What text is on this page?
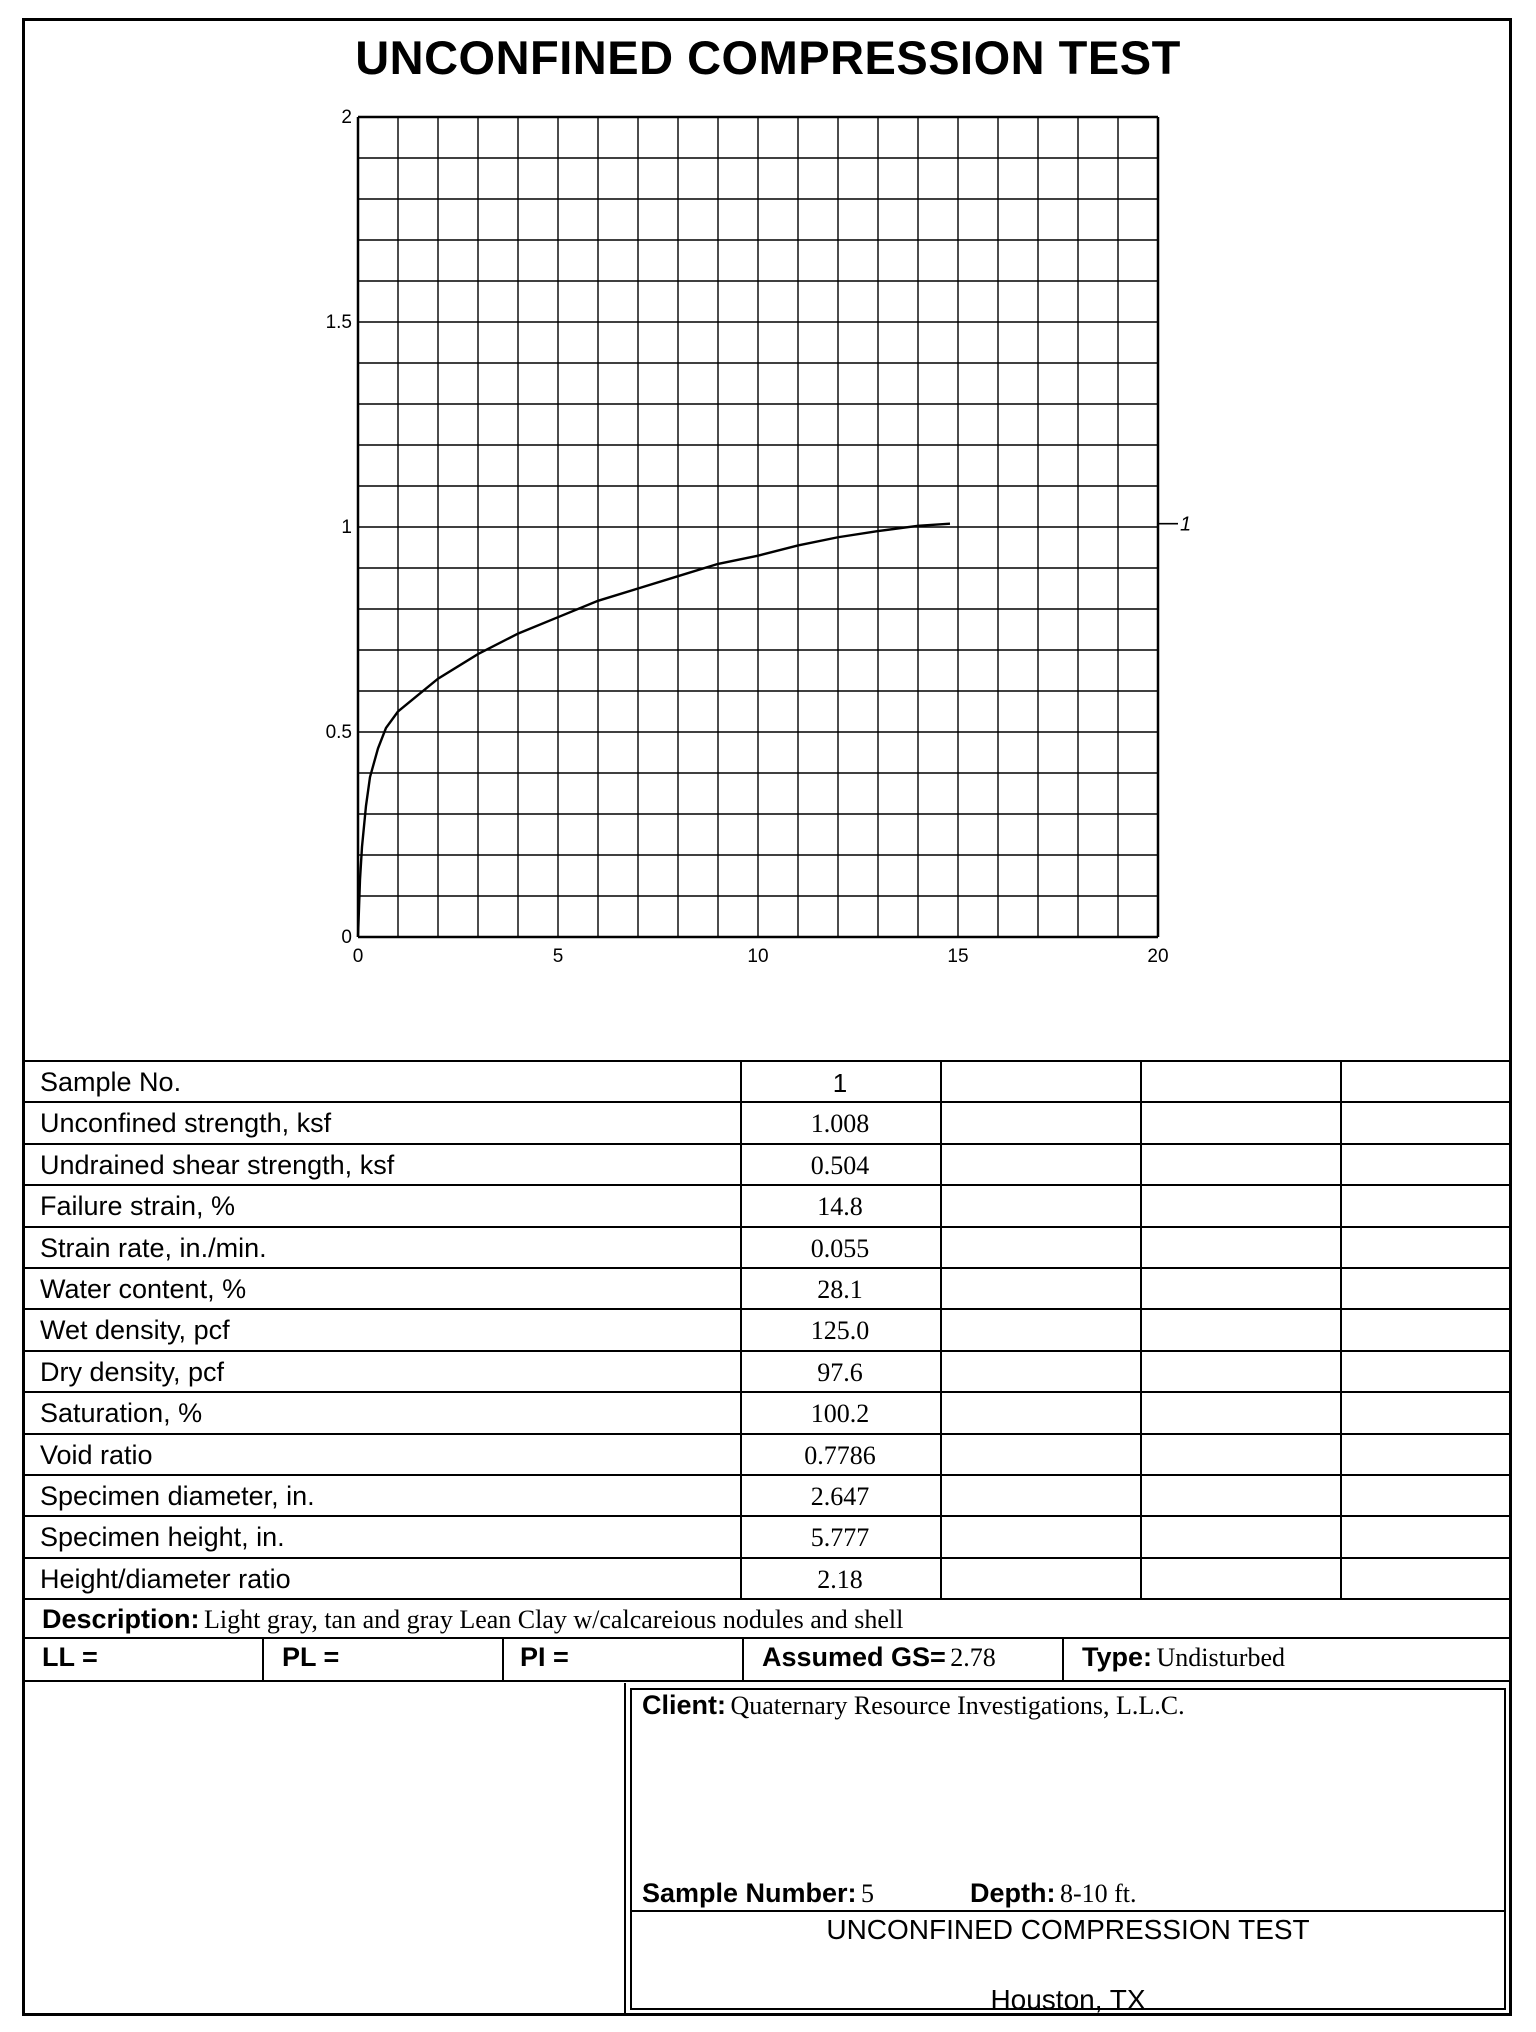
UNCONFINED COMPRESSION TEST
0	5	10	15	20
0
0.5
1
1.5
2
1
Sample No.	1
Unconfined strength, ksf	1.008
Undrained shear strength, ksf	0.504
Failure strain, %	14.8
Strain rate, in./min.	0.055
Water content, %	28.1
Wet density, pcf	125.0
Dry density, pcf	97.6
Saturation, %	100.2
Void ratio	0.7786
Specimen diameter, in.	2.647
Specimen height, in.	5.777
Height/diameter ratio	2.18
Description: Light gray, tan and gray Lean Clay w/calcareious nodules and shell
LL =	PL =	PI =	Assumed GS= 2.78	Type: Undisturbed
Client: Quaternary Resource Investigations, L.L.C.
Sample Number: 5	Depth: 8-10 ft.
UNCONFINED COMPRESSION TEST
Houston, TX
